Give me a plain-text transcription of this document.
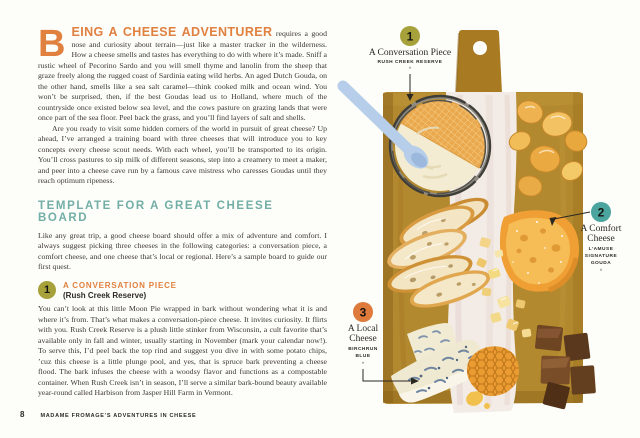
B EING A CHEESE ADVENTURER requires a good nose and curiosity about terrain—just like a master tracker in the wilderness. How a cheese smells and tastes has everything to do with where it’s made. Sniff a rustic wheel of Pecorino Sardo and you will smell thyme and lanolin from the sheep that graze freely along the rugged coast of Sardinia eating wild herbs. An aged Dutch Gouda, on the other hand, smells like a sea salt caramel—think cooked milk and ocean wind. You won’t be surprised, then, if the best Goudas lead us to Holland, where much of the countryside once existed below sea level, and the cows pasture on grazing lands that were once part of the sea floor. Peel back the grass, and you’ll find layers of salt and shells.

Are you ready to visit some hidden corners of the world in pursuit of great cheese? Up ahead, I’ve arranged a training board with three cheeses that will introduce you to key concepts every cheese scout needs. With each wheel, you’ll be transported to its origin. You’ll cross pastures to sip milk of different seasons, step into a creamery to meet a maker, and peer into a cheese cave run by a famous cave mistress who caresses Goudas until they reach optimum ripeness.

TEMPLATE FOR A GREAT CHEESE BOARD

Like any great trip, a good cheese board should offer a mix of adventure and comfort. I always suggest picking three cheeses in the following categories: a conversation piece, a comfort cheese, and one cheese that’s local or regional. Here’s a sample board to guide our first quest.

1	A CONVERSATION PIECE
(Rush Creek Reserve)

You can’t look at this little Moon Pie wrapped in bark without wondering what it is and where it’s from. That’s what makes a conversation-piece cheese. It invites curiosity. It flirts with you. Rush Creek Reserve is a plush little stinker from Wisconsin, a cult favorite that’s available only in fall and winter, usually starting in November (mark your calendar now!). To serve this, I’d peel back the top rind and suggest you dive in with some potato chips, ’cuz this cheese is a little plunge pool, and yes, that is spruce bark preventing a cheese flood. The bark infuses the cheese with a woodsy flavor and functions as a compostable container. When Rush Creek isn’t in season, I’ll serve a similar bark-bound beauty available year-round called Harbison from Jasper Hill Farm in Vermont.

8	MADAME FROMAGE’S ADVENTURES IN CHEESE
1
A Conversation Piece
RUSH CREEK RESERVE
*
2
A Comfort
Cheese
L’AMUSE
SIGNATURE
GOUDA
*
3
A Local
Cheese
BIRCHRUN
BLUE
*
